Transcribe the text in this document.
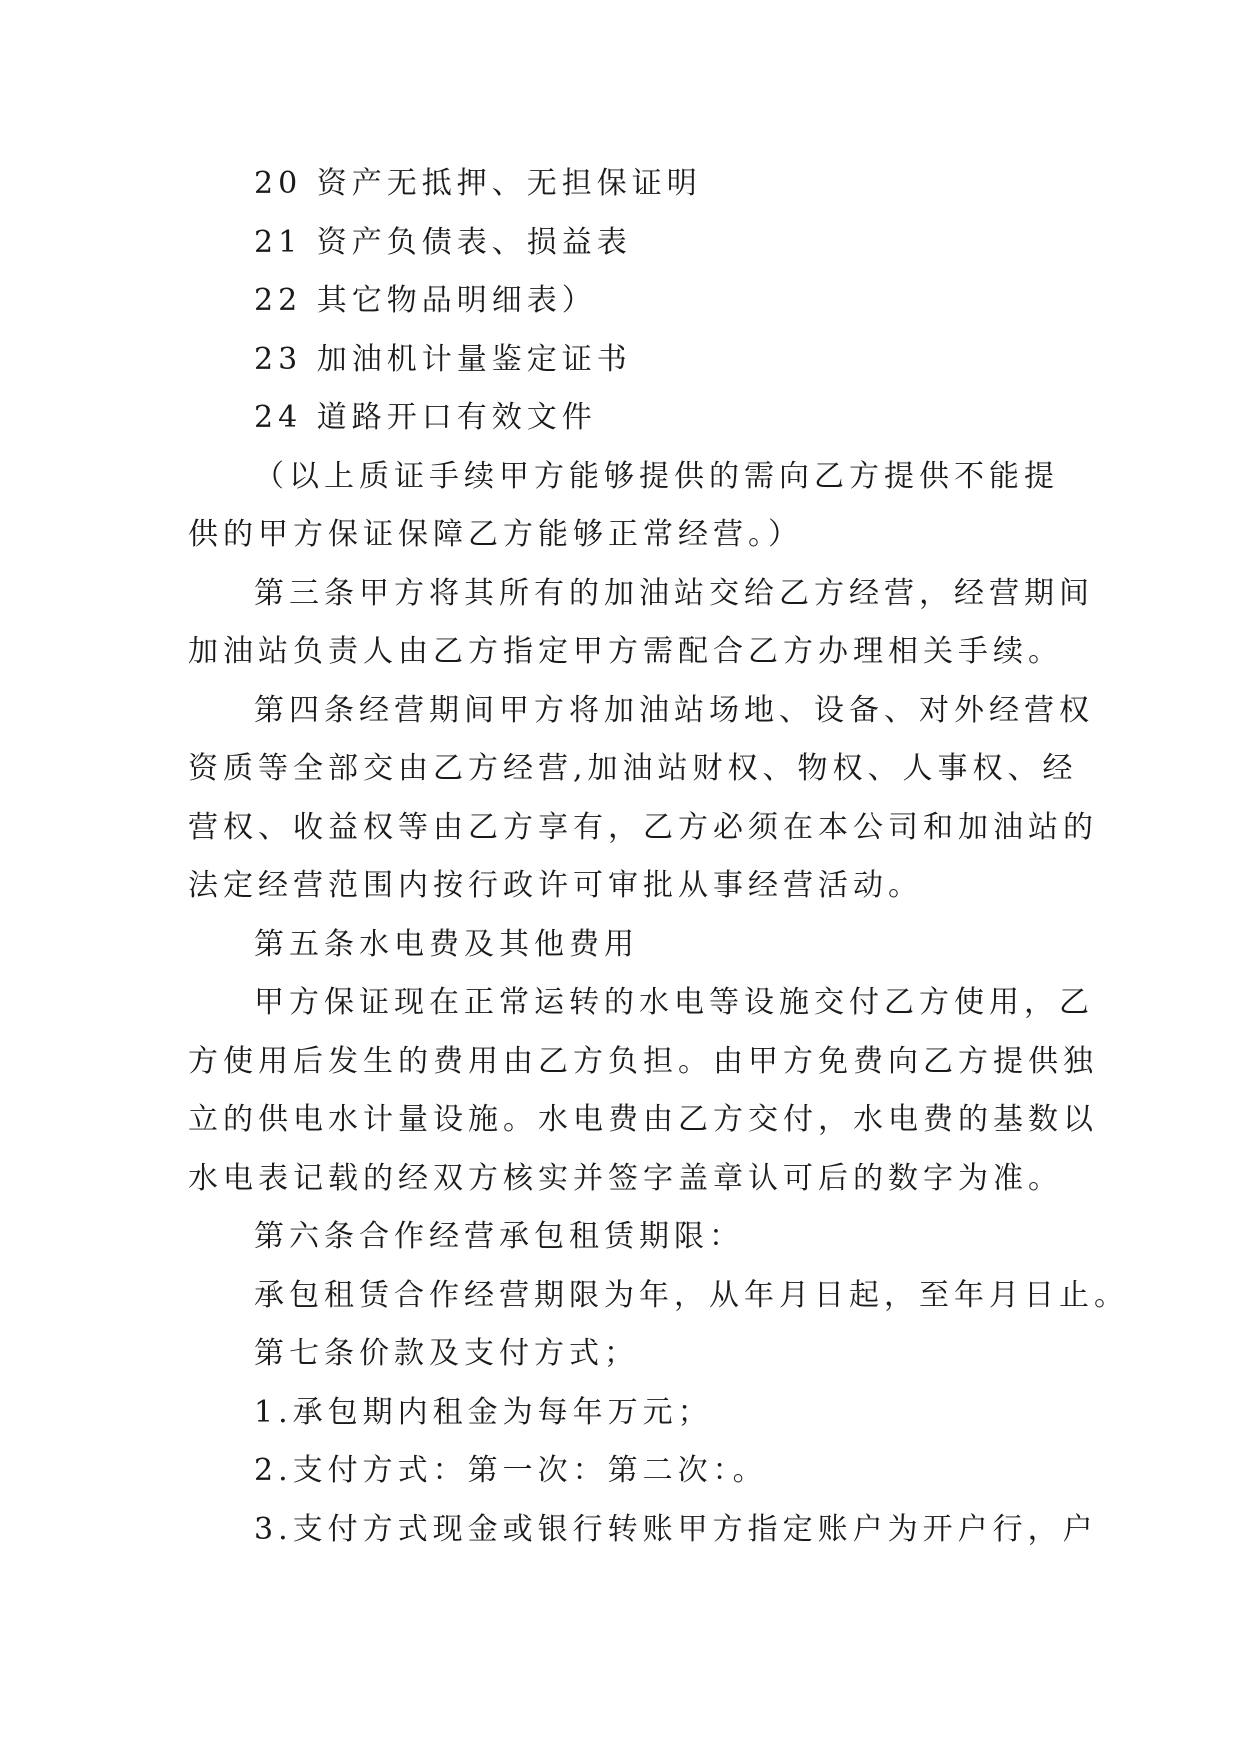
20 资产无抵押、无担保证明
21 资产负债表、损益表
22 其它物品明细表）
23 加油机计量鉴定证书
24 道路开口有效文件
（以上质证手续甲方能够提供的需向乙方提供不能提
供的甲方保证保障乙方能够正常经营。）
第三条甲方将其所有的加油站交给乙方经营，经营期间
加油站负责人由乙方指定甲方需配合乙方办理相关手续。
第四条经营期间甲方将加油站场地、设备、对外经营权
资质等全部交由乙方经营,加油站财权、物权、人事权、经
营权、收益权等由乙方享有，乙方必须在本公司和加油站的
法定经营范围内按行政许可审批从事经营活动。
第五条水电费及其他费用
甲方保证现在正常运转的水电等设施交付乙方使用，乙
方使用后发生的费用由乙方负担。由甲方免费向乙方提供独
立的供电水计量设施。水电费由乙方交付，水电费的基数以
水电表记载的经双方核实并签字盖章认可后的数字为准。
第六条合作经营承包租赁期限：
承包租赁合作经营期限为年，从年月日起，至年月日止。
第七条价款及支付方式；
1.承包期内租金为每年万元；
2.支付方式：第一次：第二次：。
3.支付方式现金或银行转账甲方指定账户为开户行，户
